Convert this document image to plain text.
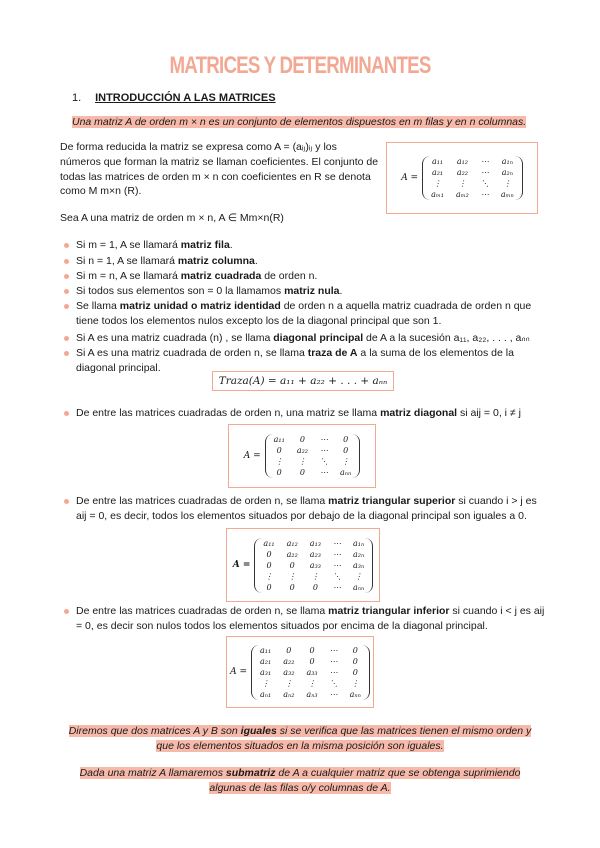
MATRICES Y DETERMINANTES
1. INTRODUCCIÓN A LAS MATRICES
Una matriz A de orden m × n es un conjunto de elementos dispuestos en m filas y en n columnas.
De forma reducida la matriz se expresa como A = (aᵢⱼ)ᵢⱼ y los números que forman la matriz se llaman coeficientes. El conjunto de todas las matrices de orden m × n con coeficientes en R se denota como M m×n (R).
A =
a₁₁	a₁₂	⋯	a₁ₙ
a₂₁	a₂₂	⋯	a₂ₙ
⋮	⋮	⋱	⋮
aₘ₁	aₘ₂	⋯	aₘₙ
Sea A una matriz de orden m × n, A ∈ Mm×n(R)
Si m = 1, A se llamará matriz fila.
Si n = 1, A se llamará matriz columna.
Si m = n, A se llamará matriz cuadrada de orden n.
Si todos sus elementos son = 0 la llamamos matriz nula.
Se llama matriz unidad o matriz identidad de orden n a aquella matriz cuadrada de orden n que tiene todos los elementos nulos excepto los de la diagonal principal que son 1.
Si A es una matriz cuadrada (n) , se llama diagonal principal de A a la sucesión a₁₁, a₂₂, . . . , aₙₙ
Si A es una matriz cuadrada de orden n, se llama traza de A a la suma de los elementos de la diagonal principal.
Traza(A) = a₁₁ + a₂₂ + . . . + aₙₙ
De entre las matrices cuadradas de orden n, una matriz se llama matriz diagonal si aij = 0, i ≠ j
A =
a₁₁	0	⋯	0
0	a₂₂	⋯	0
⋮	⋮	⋱	⋮
0	0	⋯	aₙₙ
De entre las matrices cuadradas de orden n, se llama matriz triangular superior si cuando i > j es aij = 0, es decir, todos los elementos situados por debajo de la diagonal principal son iguales a 0.
A =
a₁₁	a₁₂	a₁₃	⋯	a₁ₙ
0	a₂₂	a₂₃	⋯	a₂ₙ
0	0	a₃₃	⋯	a₃ₙ
⋮	⋮	⋮	⋱	⋮
0	0	0	⋯	aₙₙ
De entre las matrices cuadradas de orden n, se llama matriz triangular inferior si cuando i < j es aij = 0, es decir son nulos todos los elementos situados por encima de la diagonal principal.
A =
a₁₁	0	0	⋯	0
a₂₁	a₂₂	0	⋯	0
a₃₁	a₃₂	a₃₃	⋯	0
⋮	⋮	⋮	⋱	⋮
aₙ₁	aₙ₂	aₙ₃	⋯	aₙₙ
Diremos que dos matrices A y B son iguales si se verifica que las matrices tienen el mismo orden y que los elementos situados en la misma posición son iguales.
Dada una matriz A llamaremos submatriz de A a cualquier matriz que se obtenga suprimiendo algunas de las filas o/y columnas de A.
